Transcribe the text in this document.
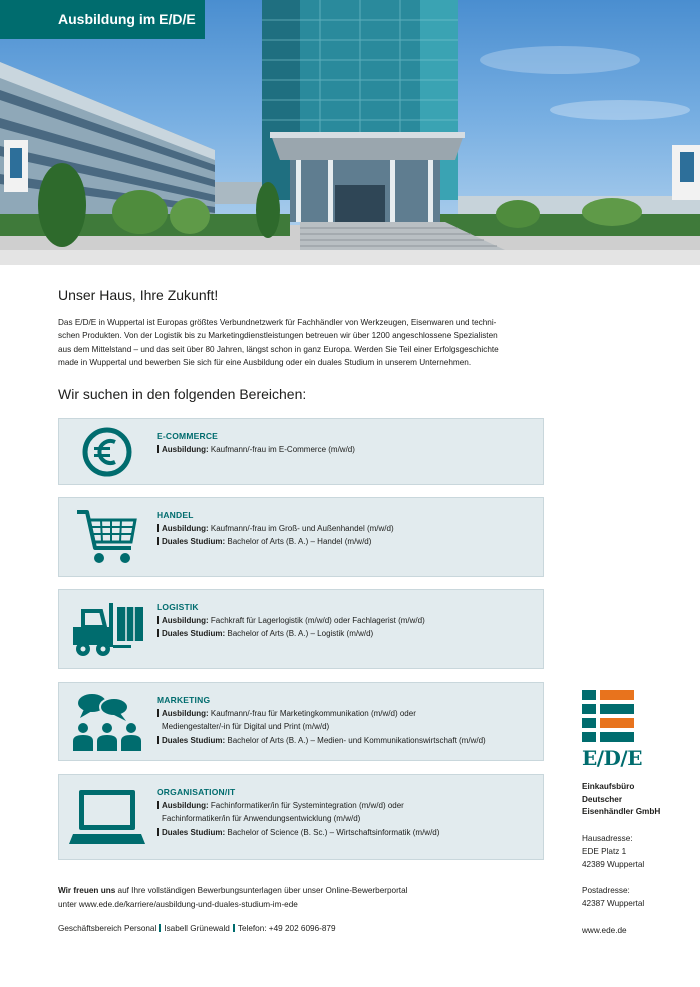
Ausbildung im E/D/E
Unser Haus, Ihre Zukunft!
Das E/D/E in Wuppertal ist Europas größtes Verbundnetzwerk für Fachhändler von Werkzeugen, Eisenwaren und techni-
schen Produkten. Von der Logistik bis zu Marketingdienstleistungen betreuen wir über 1200 angeschlossene Spezialisten
aus dem Mittelstand – und das seit über 80 Jahren, längst schon in ganz Europa. Werden Sie Teil einer Erfolgsgeschichte
made in Wuppertal und bewerben Sie sich für eine Ausbildung oder ein duales Studium in unserem Unternehmen.
Wir suchen in den folgenden Bereichen:
E-COMMERCE
Ausbildung: Kaufmann/-frau im E-Commerce (m/w/d)
HANDEL
Ausbildung: Kaufmann/-frau im Groß- und Außenhandel (m/w/d)
Duales Studium: Bachelor of Arts (B. A.) – Handel (m/w/d)
LOGISTIK
Ausbildung: Fachkraft für Lagerlogistik (m/w/d) oder Fachlagerist (m/w/d)
Duales Studium: Bachelor of Arts (B. A.) – Logistik (m/w/d)
MARKETING
Ausbildung: Kaufmann/-frau für Marketingkommunikation (m/w/d) oder
Mediengestalter/-in für Digital und Print (m/w/d)
Duales Studium: Bachelor of Arts (B. A.) – Medien- und Kommunikationswirtschaft (m/w/d)
ORGANISATION/IT
Ausbildung: Fachinformatiker/in für Systemintegration (m/w/d) oder
Fachinformatiker/in für Anwendungsentwicklung (m/w/d)
Duales Studium: Bachelor of Science (B. Sc.) – Wirtschaftsinformatik (m/w/d)
Wir freuen uns auf Ihre vollständigen Bewerbungsunterlagen über unser Online-Bewerberportal
unter www.ede.de/karriere/ausbildung-und-duales-studium-im-ede
Geschäftsbereich Personal Isabell Grünewald Telefon: +49 202 6096-879
E/D/E
Einkaufsbüro
Deutscher
Eisenhändler GmbH
Hausadresse:
EDE Platz 1
42389 Wuppertal
Postadresse:
42387 Wuppertal
www.ede.de
